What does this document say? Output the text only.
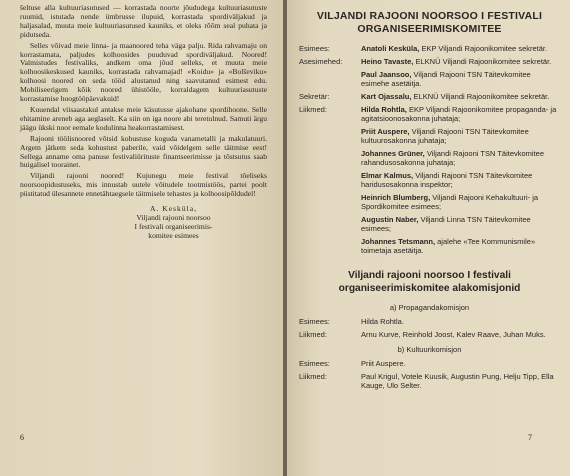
šeltuse alla kultuuriasutused — korrastada noorte jõududega kultuuriasutuste ruumid, istutada nende ümbrusse ilupuid, korrastada spordiväljakud ja haljasalad, muuta meie kultuuriasutused kauniks, et oleks rõõm seal puhata ja pidutseda.

Selles võivad meie linna- ja maanoored teha väga palju. Rida rahvamaju on korrastamata, paljudes kolhoosides puuduvad spordiväljakud. Noored! Valmistudes festivaliks, andkem oma jõud selleks, et muuta meie kolhoosikeskused kauniks, korrastada rahvamajad! «Koidu» ja «Bolševiku» kolhoosi noored on seda tööd alustanud ning saavutanud esimest edu. Mobiliseerigem kõik noored ühistööle, korraldagem kultuuriasutuste korrastamise hoogtööpäevakuid!

Kuuendal viisaastakul antakse meie käsutusse ajakohane spordihoone. Selle ehitamine areneb aga aeglaselt. Ka siin on iga noore abi teretulnud. Samuti ärgu jäägu ükski noor eemale kodulinna heakorrastamisest.

Rajooni töölisnoored võtsid kohustuse koguda vanametalli ja makulatuuri. Argem jätkem seda kohustust paberile, vaid võidelgem selle täitmise eest! Sellega anname oma panuse festivaliürituste finantseerimisse ja tõstsutus saab huigalisel toorainet.

Viljandi rajooni noored! Kujunegu meie festival tõeliseks noorsoopidustuseks, mis innustab uutele võitudele tootmistöös, partei poolt püstitatud ülesannete ennetähtaegsele täitmisele tehastes ja kolhoosipõldudel!

A. Kesküla,
Viljandi rajooni noorsoo
I festivali organiseerimis-
komitee esimees
6
VILJANDI RAJOONI NOORSOO I FESTIVALI
ORGANISEERIMISKOMITEE
Esimees:	Anatoli Kesküla, EKP Viljandi Rajoonikomitee sekretär.
Asesimehed:	Heino Tavaste, ELKNÜ Viljandi Rajoonikomitee sekretär.
Paul Jaansoo, Viljandi Rajooni TSN Täitevkomitee esimehe asetäitja.
Sekretär:	Kart Ojassalu, ELKNÜ Viljandi Rajoonikomitee sekretär.
Liikmed:	Hilda Rohtla, EKP Viljandi Rajoonikomitee propaganda- ja agitatsioonosakonna juhataja;
Priit Auspere, Viljandi Rajooni TSN Täitevkomitee kultuurosakonna juhataja;
Johannes Grüner, Viljandi Rajooni TSN Täitevkomitee rahandusosakonna juhataja;
Elmar Kalmus, Viljandi Rajooni TSN Täitevkomitee haridusosakonna inspektor;
Heinrich Blumberg, Viljandi Rajooni Kehakultuuri- ja Spordikomitee esimees;
Augustin Naber, Viljandi Linna TSN Täitevkomitee esimees;
Johannes Tetsmann, ajalehe «Tee Kommunismile» toimetaja asetäitja.
Viljandi rajooni noorsoo I festivali
organiseerimiskomitee alakomisjonid
a) Propagandakomisjon
Esimees:	Hilda Rohtla.
Liikmed:	Arnu Kurve, Reinhold Joost, Kalev Raave, Juhan Muks.
b) Kultuurikomisjon
Esimees:	Priit Auspere.
Liikmed:	Paul Krigul, Votele Kuusik, Augustin Pung, Helju Tipp, Ella Kauge, Ulo Selter.
7
